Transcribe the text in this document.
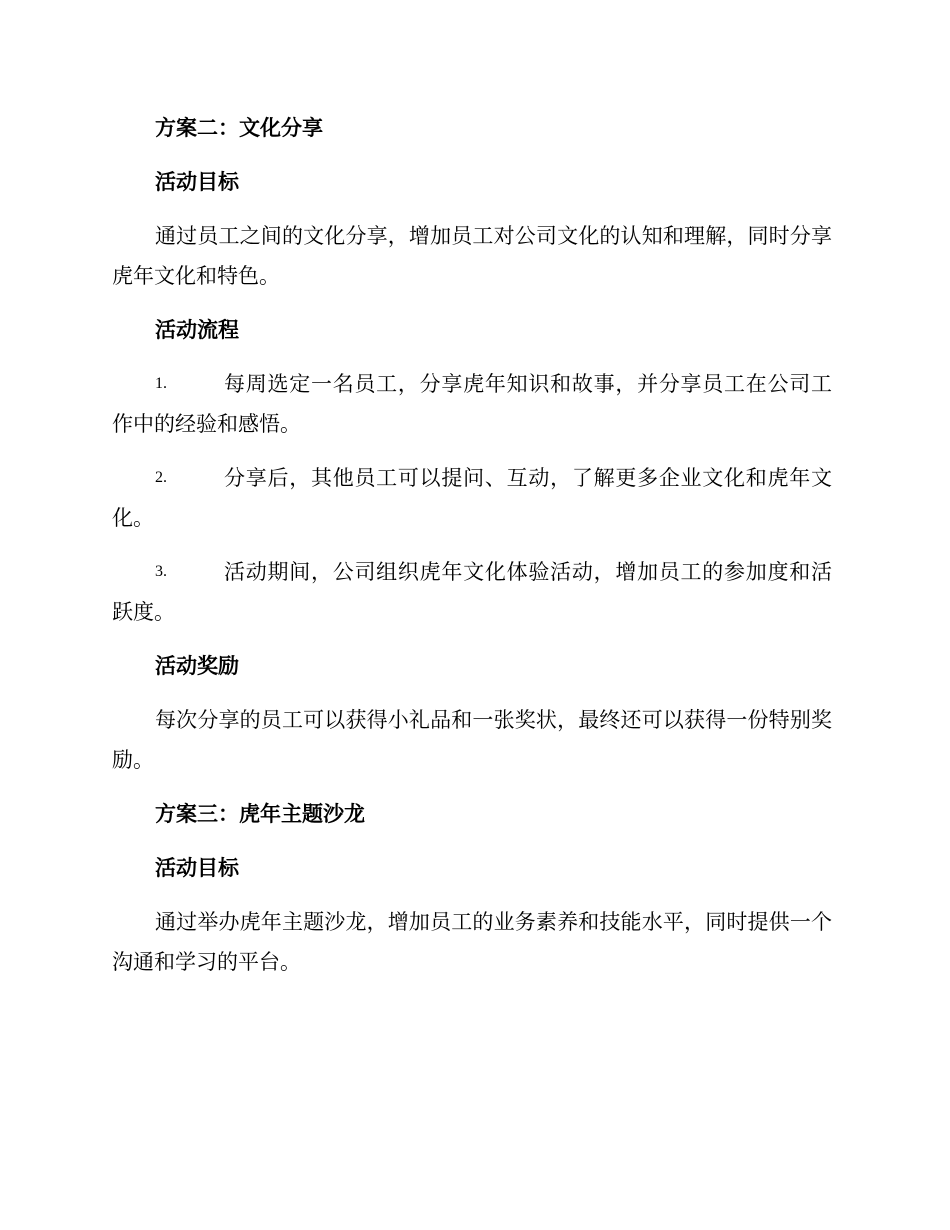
方案二：文化分享
活动目标
通过员工之间的文化分享，增加员工对公司文化的认知和理解，同时分享虎年文化和特色。
活动流程
1.	每周选定一名员工，分享虎年知识和故事，并分享员工在公司工作中的经验和感悟。
2.	分享后，其他员工可以提问、互动，了解更多企业文化和虎年文化。
3.	活动期间，公司组织虎年文化体验活动，增加员工的参加度和活跃度。
活动奖励
每次分享的员工可以获得小礼品和一张奖状，最终还可以获得一份特别奖励。
方案三：虎年主题沙龙
活动目标
通过举办虎年主题沙龙，增加员工的业务素养和技能水平，同时提供一个沟通和学习的平台。
